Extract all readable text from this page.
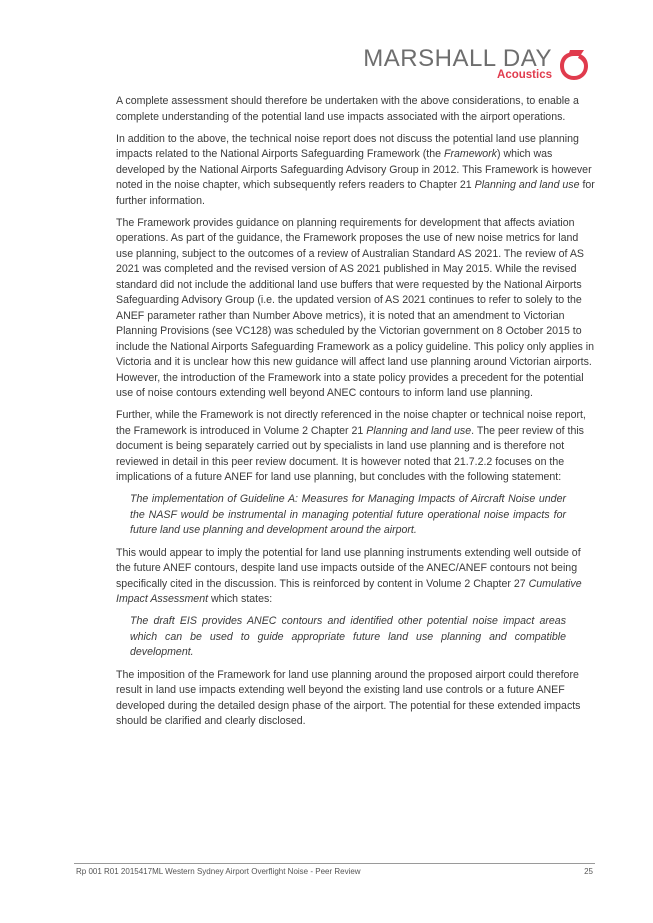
MARSHALL DAY
Acoustics

A complete assessment should therefore be undertaken with the above considerations, to enable a complete understanding of the potential land use impacts associated with the airport operations.

In addition to the above, the technical noise report does not discuss the potential land use planning impacts related to the National Airports Safeguarding Framework (the Framework) which was developed by the National Airports Safeguarding Advisory Group in 2012. This Framework is however noted in the noise chapter, which subsequently refers readers to Chapter 21 Planning and land use for further information.

The Framework provides guidance on planning requirements for development that affects aviation operations. As part of the guidance, the Framework proposes the use of new noise metrics for land use planning, subject to the outcomes of a review of Australian Standard AS 2021. The review of AS 2021 was completed and the revised version of AS 2021 published in May 2015. While the revised standard did not include the additional land use buffers that were requested by the National Airports Safeguarding Advisory Group (i.e. the updated version of AS 2021 continues to refer to solely to the ANEF parameter rather than Number Above metrics), it is noted that an amendment to Victorian Planning Provisions (see VC128) was scheduled by the Victorian government on 8 October 2015 to include the National Airports Safeguarding Framework as a policy guideline. This policy only applies in Victoria and it is unclear how this new guidance will affect land use planning around Victorian airports. However, the introduction of the Framework into a state policy provides a precedent for the potential use of noise contours extending well beyond ANEC contours to inform land use planning.

Further, while the Framework is not directly referenced in the noise chapter or technical noise report, the Framework is introduced in Volume 2 Chapter 21 Planning and land use. The peer review of this document is being separately carried out by specialists in land use planning and is therefore not reviewed in detail in this peer review document. It is however noted that 21.7.2.2 focuses on the implications of a future ANEF for land use planning, but concludes with the following statement:

The implementation of Guideline A: Measures for Managing Impacts of Aircraft Noise under the NASF would be instrumental in managing potential future operational noise impacts for future land use planning and development around the airport.

This would appear to imply the potential for land use planning instruments extending well outside of the future ANEF contours, despite land use impacts outside of the ANEC/ANEF contours not being specifically cited in the discussion. This is reinforced by content in Volume 2 Chapter 27 Cumulative Impact Assessment which states:

The draft EIS provides ANEC contours and identified other potential noise impact areas which can be used to guide appropriate future land use planning and compatible development.

The imposition of the Framework for land use planning around the proposed airport could therefore result in land use impacts extending well beyond the existing land use controls or a future ANEF developed during the detailed design phase of the airport. The potential for these extended impacts should be clarified and clearly disclosed.

Rp 001 R01 2015417ML Western Sydney Airport Overflight Noise - Peer Review	25
